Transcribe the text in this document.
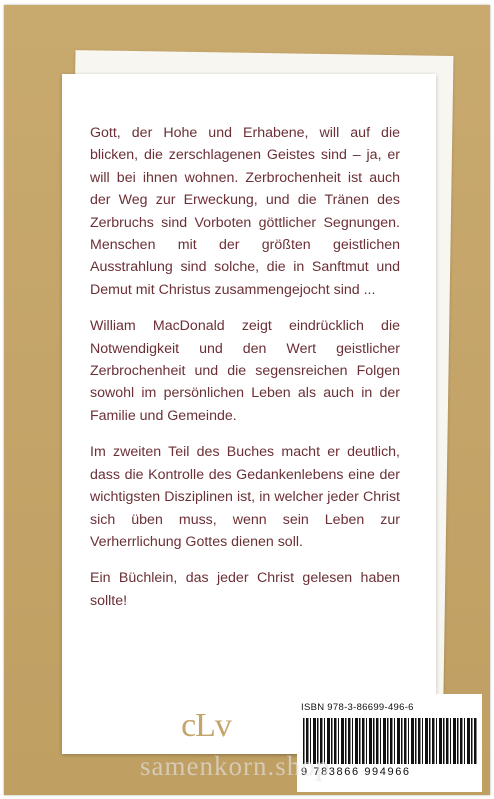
Gott, der Hohe und Erhabene, will auf die blicken, die zerschlagenen Geistes sind – ja, er will bei ihnen wohnen. Zerbrochenheit ist auch der Weg zur Erweckung, und die Tränen des Zerbruchs sind Vorboten göttlicher Segnungen. Menschen mit der größten geistlichen Ausstrahlung sind solche, die in Sanftmut und Demut mit Christus zusammengejocht sind ...

William MacDonald zeigt eindrücklich die Notwendigkeit und den Wert geistlicher Zerbrochenheit und die segensreichen Folgen sowohl im persönlichen Leben als auch in der Familie und Gemeinde.

Im zweiten Teil des Buches macht er deutlich, dass die Kontrolle des Gedankenlebens eine der wichtigsten Disziplinen ist, in welcher jeder Christ sich üben muss, wenn sein Leben zur Verherrlichung Gottes dienen soll.

Ein Büchlein, das jeder Christ gelesen haben sollte!

cLv	ISBN 978-3-86699-496-6
9 783866 994966
samenkorn.shop
